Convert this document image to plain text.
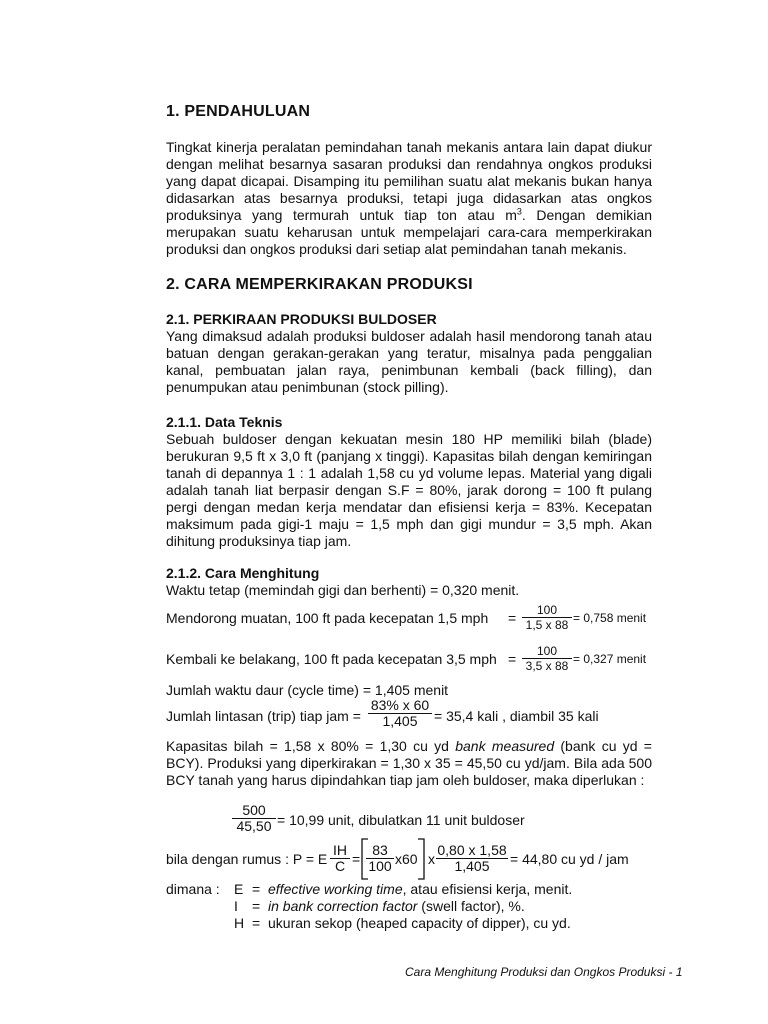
1. PENDAHULUAN

Tingkat kinerja peralatan pemindahan tanah mekanis antara lain dapat diukur dengan melihat besarnya sasaran produksi dan rendahnya ongkos produksi yang dapat dicapai. Disamping itu pemilihan suatu alat mekanis bukan hanya didasarkan atas besarnya produksi, tetapi juga didasarkan atas ongkos produksinya yang termurah untuk tiap ton atau $m^3$. Dengan demikian merupakan suatu keharusan untuk mempelajari cara-cara memperkirakan produksi dan ongkos produksi dari setiap alat pemindahan tanah mekanis.

2. CARA MEMPERKIRAKAN PRODUKSI
2.1. PERKIRAAN PRODUKSI BULDOSER

Yang dimaksud adalah produksi buldoser adalah hasil mendorong tanah atau batuan dengan gerakan-gerakan yang teratur, misalnya pada penggalian kanal, pembuatan jalan raya, penimbunan kembali (back filling), dan penumpukan atau penimbunan (stock pilling).

2.1.1. Data Teknis

Sebuah buldoser dengan kekuatan mesin 180 HP memiliki bilah (blade) berukuran 9,5 ft x 3,0 ft (panjang x tinggi). Kapasitas bilah dengan kemiringan tanah di depannya 1 : 1 adalah 1,58 cu yd volume lepas. Material yang digali adalah tanah liat berpasir dengan S.F = 80%, jarak dorong = 100 ft pulang pergi dengan medan kerja mendatar dan efisiensi kerja = 83%. Kecepatan maksimum pada gigi-1 maju = 1,5 mph dan gigi mundur = 3,5 mph. Akan dihitung produksinya tiap jam.

2.1.2. Cara Menghitung

Waktu tetap (memindah gigi dan berhenti) = 0,320 menit.

Mendorong muatan, 100 ft pada kecepatan 1,5 mph =	100
1,5 x 88 = 0,758 menit

Kembali ke belakang, 100 ft pada kecepatan 3,5 mph =	100
3,5 x 88 = 0,327 menit

Jumlah waktu daur (cycle time) = 1,405 menit

Jumlah lintasan (trip) tiap jam =

83% x 60
1,405	= 35,4 kali , diambil 35 kali

Kapasitas bilah = 1,58 x 80% = 1,30 cu yd bank measured (bank cu yd = BCY). Produksi yang diperkirakan = 1,30 x 35 = 45,50 cu yd/jam. Bila ada 500 BCY tanah yang harus dipindahkan tiap jam oleh buldoser, maka diperlukan :

500
45,50 = 10,99 unit, dibulatkan 11 unit buldoser
bila dengan rumus : P = E
IH
C =
83
100 x60 x
0,80 x 1,58
1,405	= 44,80 cu yd / jam
dimana : E = effective working time, atau efisiensi kerja, menit.
I = in bank correction factor (swell factor), %.
H = ukuran sekop (heaped capacity of dipper), cu yd.
Cara Menghitung Produksi dan Ongkos Produksi - 1
